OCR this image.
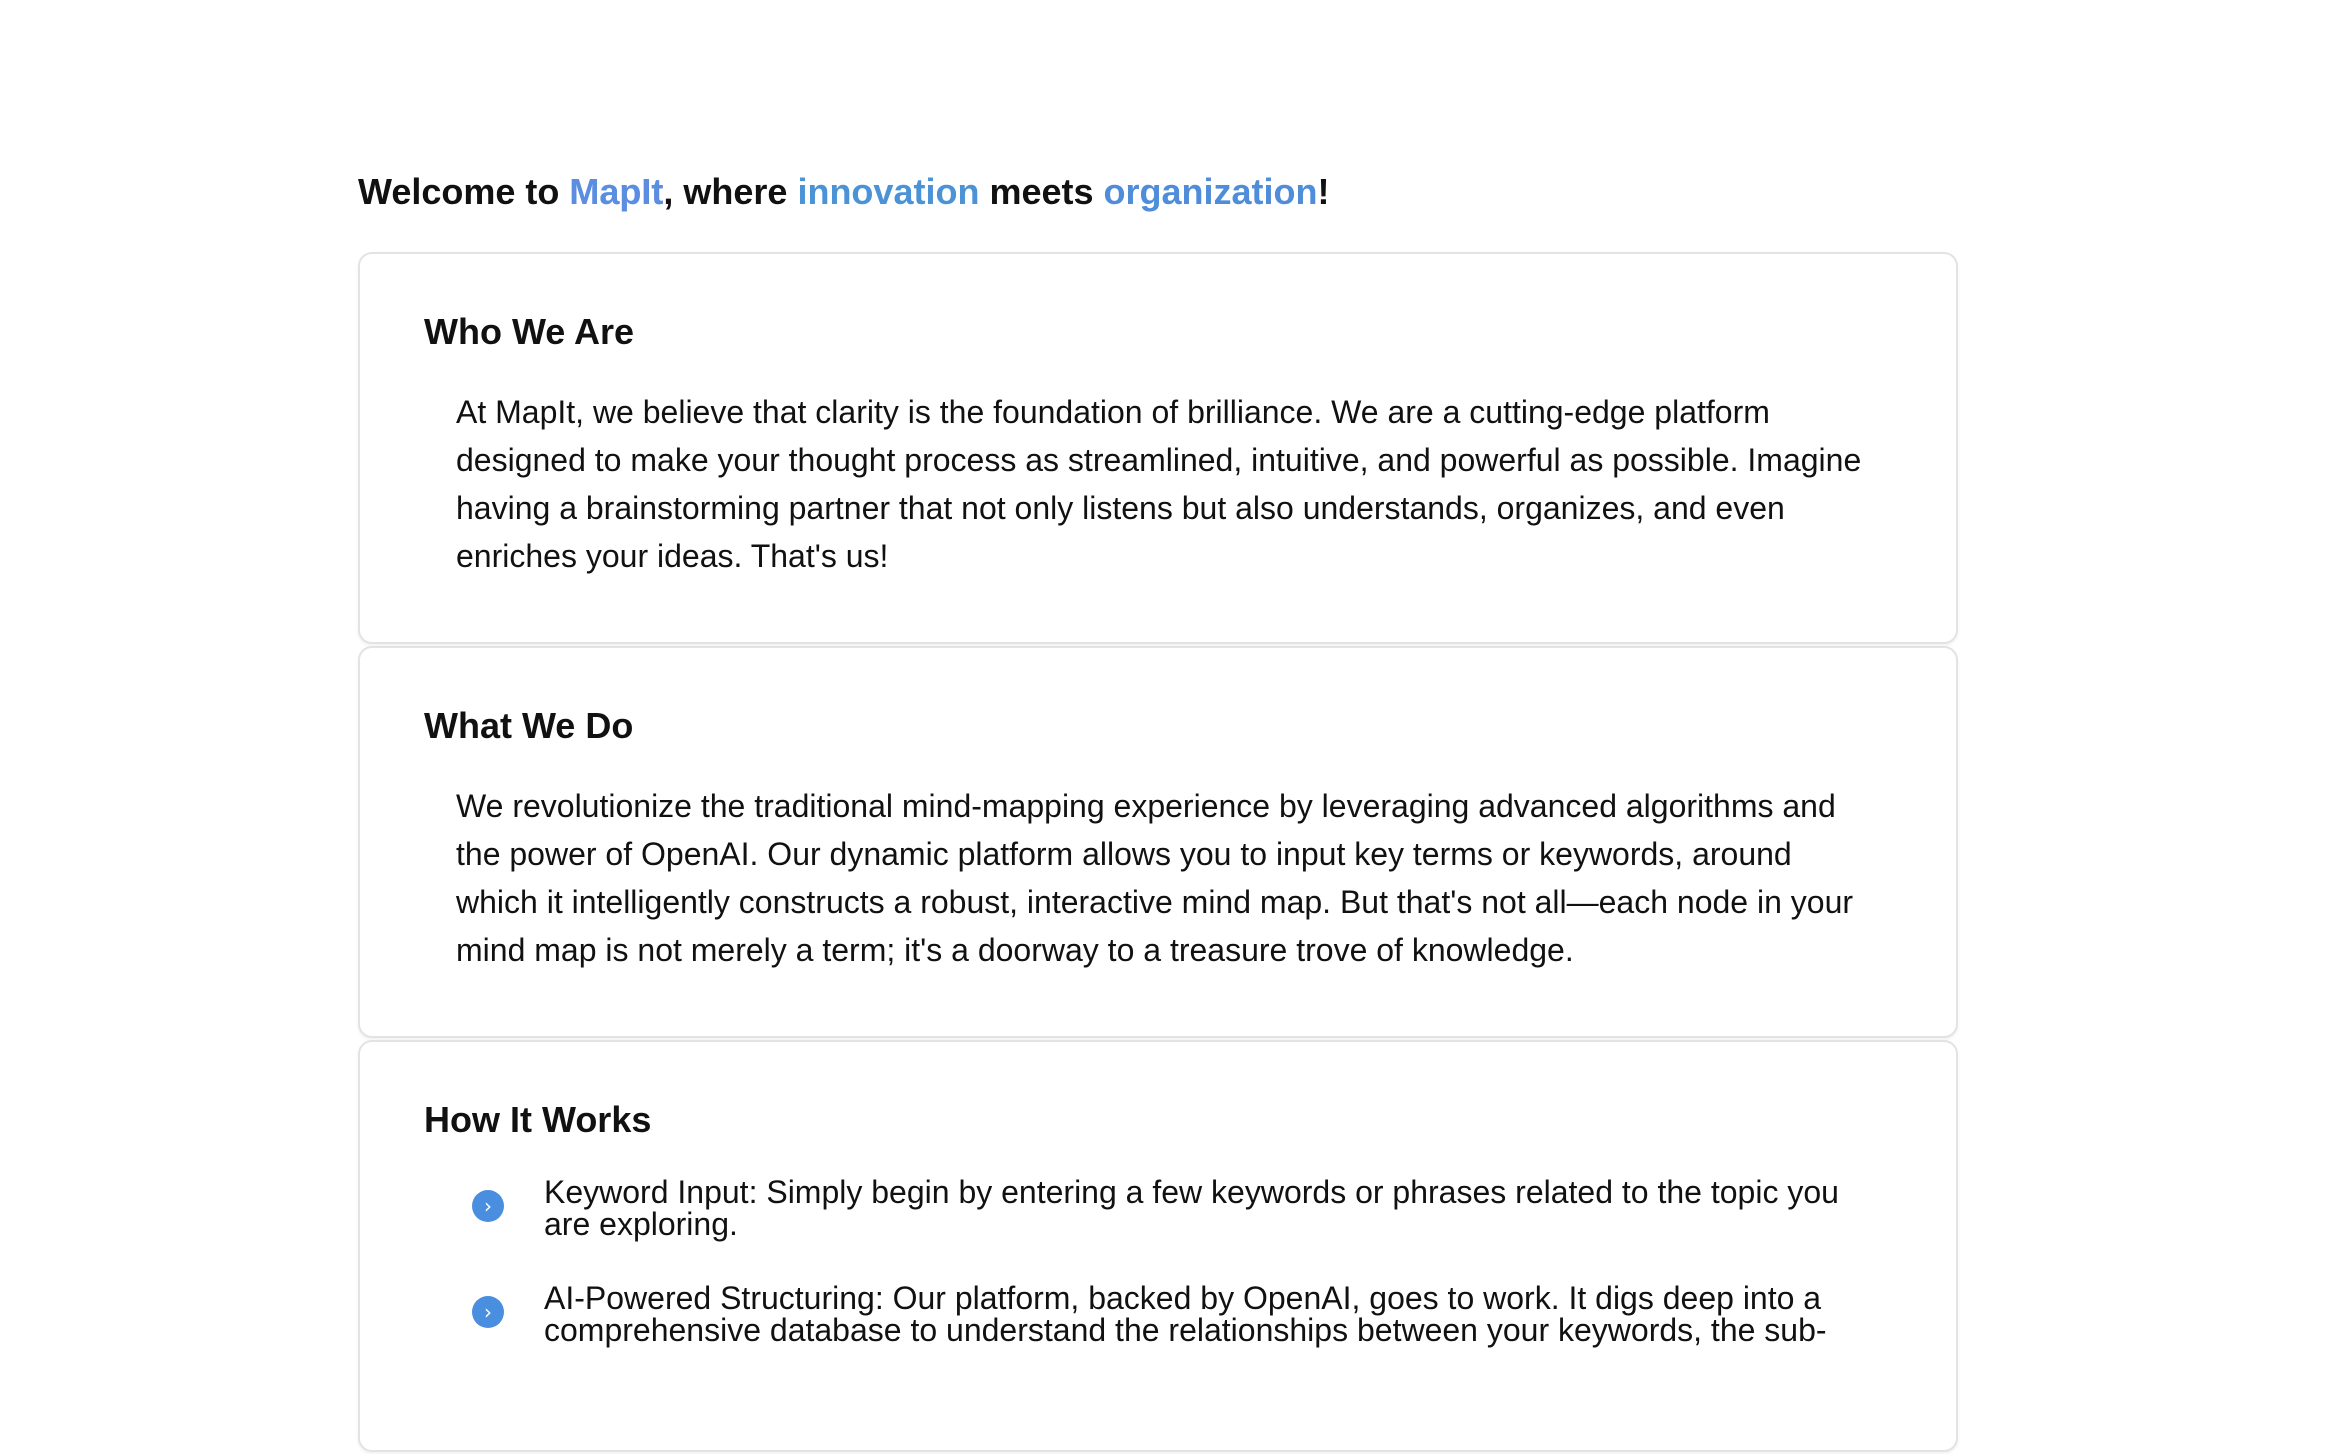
Welcome to MapIt, where innovation meets organization!
Who We Are

At MapIt, we believe that clarity is the foundation of brilliance. We are a cutting-edge platform designed to make your thought process as streamlined, intuitive, and powerful as possible. Imagine having a brainstorming partner that not only listens but also understands, organizes, and even enriches your ideas. That's us!

What We Do

We revolutionize the traditional mind-mapping experience by leveraging advanced algorithms and the power of OpenAI. Our dynamic platform allows you to input key terms or keywords, around which it intelligently constructs a robust, interactive mind map. But that's not all—each node in your mind map is not merely a term; it's a doorway to a treasure trove of knowledge.

How It Works
›	Keyword Input: Simply begin by entering a few keywords or phrases related to the topic you are exploring.
›	AI-Powered Structuring: Our platform, backed by OpenAI, goes to work. It digs deep into a comprehensive database to understand the relationships between your keywords, the sub-
